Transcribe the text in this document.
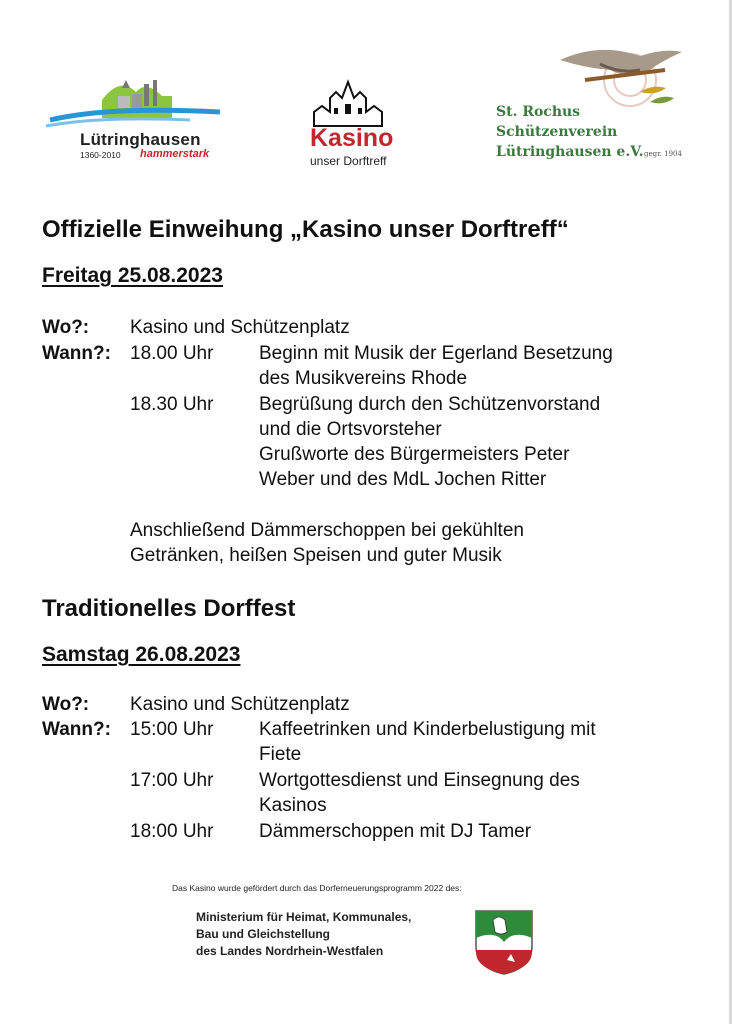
Lütringhausen
1360-2010 hammerstark
Kasino
unser Dorftreff
St. Rochus
Schützenverein
Lütringhausen e.V. gegr. 1904
Offizielle Einweihung „Kasino unser Dorftreff“
Freitag 25.08.2023
Wo?: Kasino und Schützenplatz
Wann?: 18.00 Uhr Beginn mit Musik der Egerland Besetzung
des Musikvereins Rhode
18.30 Uhr Begrüßung durch den Schützenvorstand
und die Ortsvorsteher
Grußworte des Bürgermeisters Peter
Weber und des MdL Jochen Ritter
Anschließend Dämmerschoppen bei gekühlten
Getränken, heißen Speisen und guter Musik
Traditionelles Dorffest
Samstag 26.08.2023
Wo?: Kasino und Schützenplatz
Wann?: 15:00 Uhr Kaffeetrinken und Kinderbelustigung mit
Fiete
17:00 Uhr Wortgottesdienst und Einsegnung des
Kasinos
18:00 Uhr Dämmerschoppen mit DJ Tamer
Das Kasino wurde gefördert durch das Dorferneuerungsprogramm 2022 des:
Ministerium für Heimat, Kommunales,
Bau und Gleichstellung
des Landes Nordrhein-Westfalen
